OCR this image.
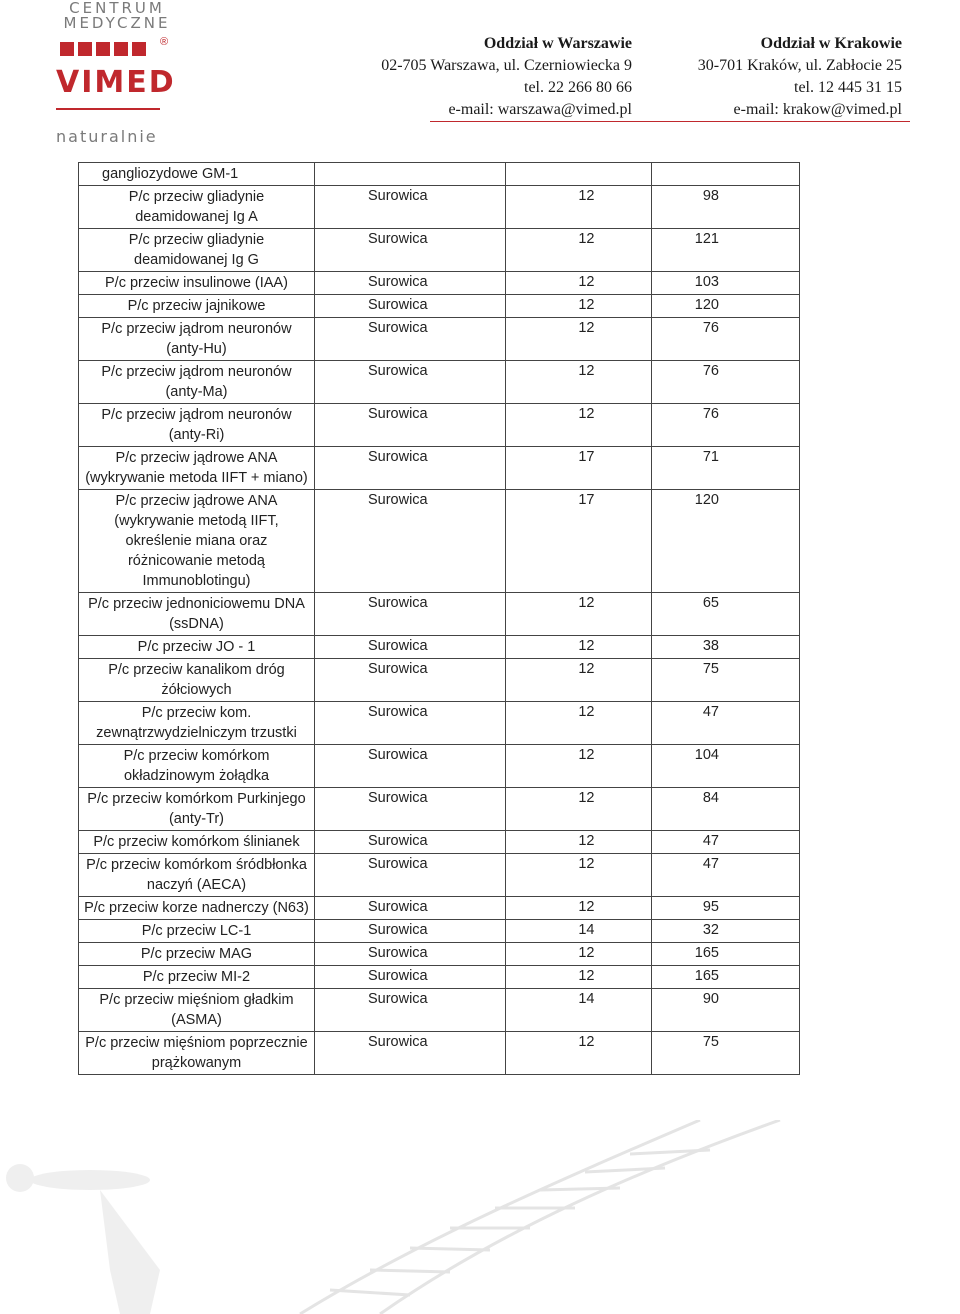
CENTRUM
MEDYCZNE
®
VIMED
naturalnie
Oddział w Warszawie
02-705 Warszawa, ul. Czerniowiecka 9
tel. 22 266 80 66
e-mail: warszawa@vimed.pl
Oddział w Krakowie
30-701 Kraków, ul. Zabłocie 25
tel. 12 445 31 15
e-mail: krakow@vimed.pl
gangliozydowe GM-1			
P/c przeciw gliadynie deamidowanej Ig A	Surowica	12	98
P/c przeciw gliadynie deamidowanej Ig G	Surowica	12	121
P/c przeciw insulinowe (IAA)	Surowica	12	103
P/c przeciw jajnikowe	Surowica	12	120
P/c przeciw jądrom neuronów (anty-Hu)	Surowica	12	76
P/c przeciw jądrom neuronów (anty-Ma)	Surowica	12	76
P/c przeciw jądrom neuronów (anty-Ri)	Surowica	12	76
P/c przeciw jądrowe ANA (wykrywanie metoda IIFT + miano)	Surowica	17	71
P/c przeciw jądrowe ANA (wykrywanie metodą IIFT, określenie miana oraz różnicowanie metodą Immunoblotingu)	Surowica	17	120
P/c przeciw jednoniciowemu DNA (ssDNA)	Surowica	12	65
P/c przeciw JO - 1	Surowica	12	38
P/c przeciw kanalikom dróg żółciowych	Surowica	12	75
P/c przeciw kom. zewnątrzwydzielniczym trzustki	Surowica	12	47
P/c przeciw komórkom okładzinowym żołądka	Surowica	12	104
P/c przeciw komórkom Purkinjego (anty-Tr)	Surowica	12	84
P/c przeciw komórkom ślinianek	Surowica	12	47
P/c przeciw komórkom śródbłonka naczyń (AECA)	Surowica	12	47
P/c przeciw korze nadnerczy (N63)	Surowica	12	95
P/c przeciw LC-1	Surowica	14	32
P/c przeciw MAG	Surowica	12	165
P/c przeciw MI-2	Surowica	12	165
P/c przeciw mięśniom gładkim (ASMA)	Surowica	14	90
P/c przeciw mięśniom poprzecznie prążkowanym	Surowica	12	75
